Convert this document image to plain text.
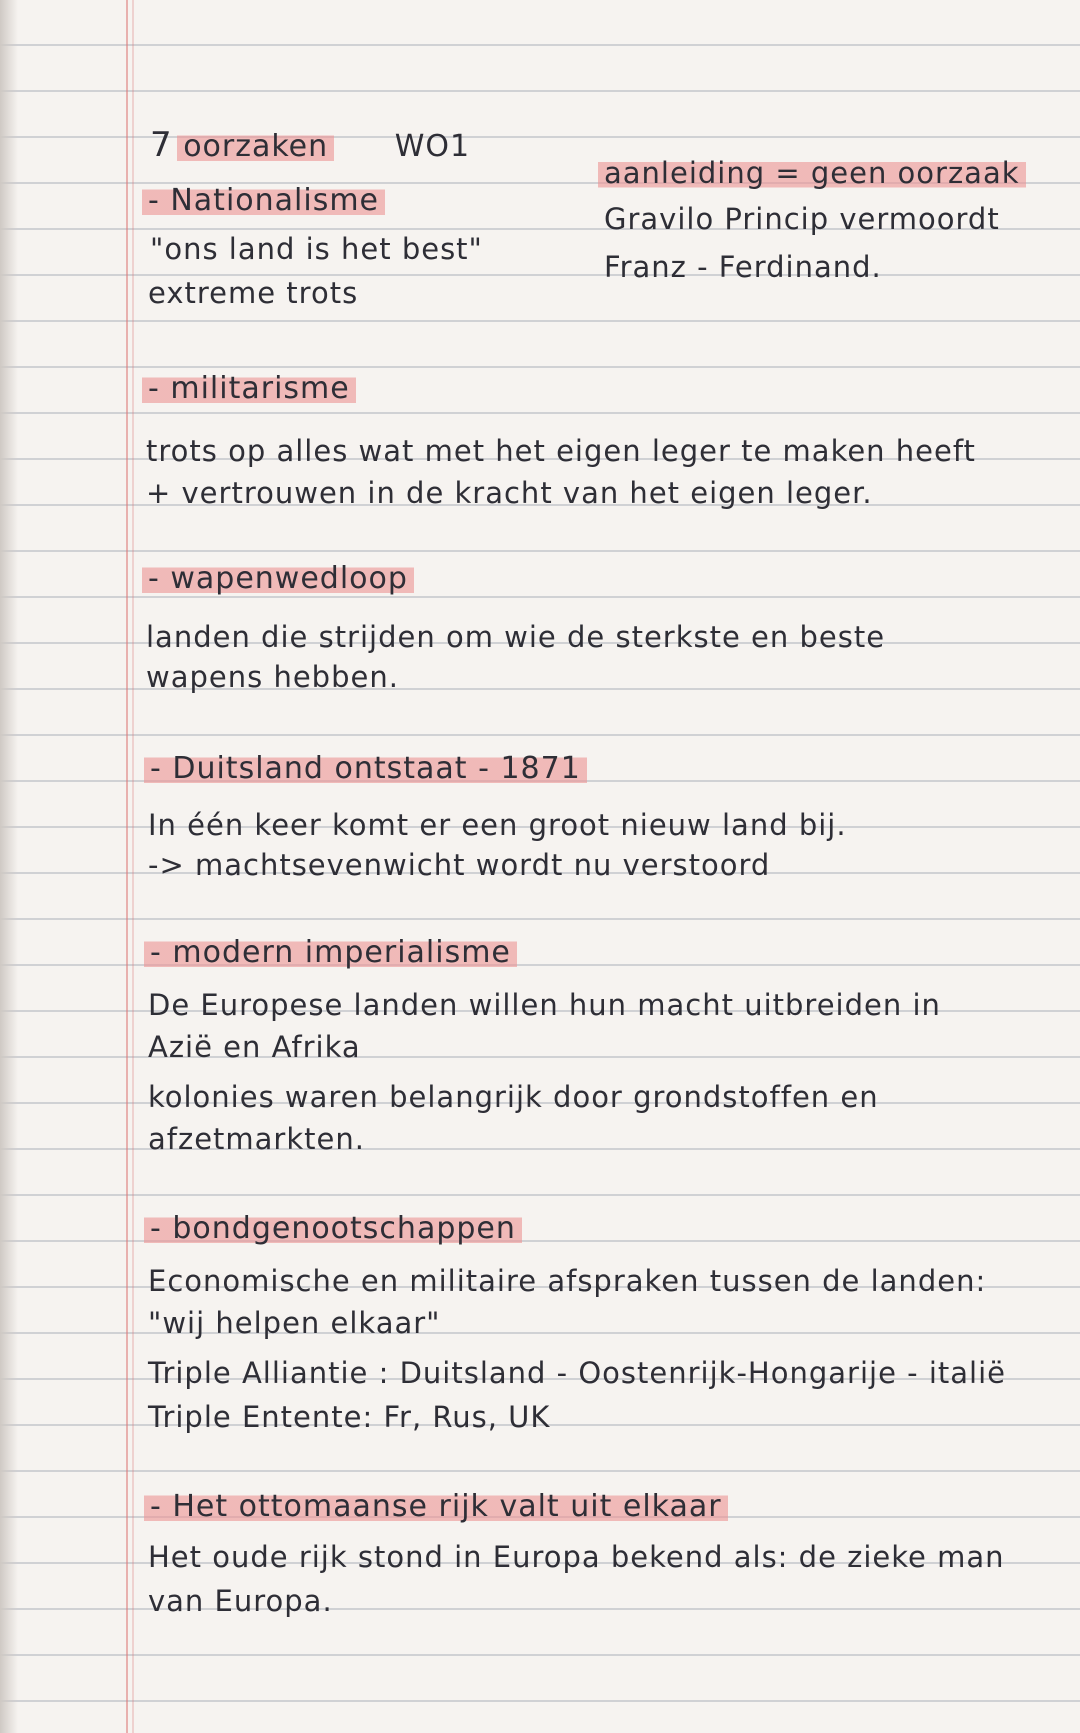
7 oorzaken WO1
aanleiding = geen oorzaak
Gravilo Princip vermoordt
Franz - Ferdinand.
- Nationalisme
"ons land is het best"
extreme trots
- militarisme
trots op alles wat met het eigen leger te maken heeft
+ vertrouwen in de kracht van het eigen leger.
- wapenwedloop
landen die strijden om wie de sterkste en beste
wapens hebben.
- Duitsland ontstaat - 1871
In één keer komt er een groot nieuw land bij.
-> machtsevenwicht wordt nu verstoord
- modern imperialisme
De Europese landen willen hun macht uitbreiden in
Azië en Afrika
kolonies waren belangrijk door grondstoffen en
afzetmarkten.
- bondgenootschappen
Economische en militaire afspraken tussen de landen:
"wij helpen elkaar"
Triple Alliantie : Duitsland - Oostenrijk-Hongarije - italië
Triple Entente: Fr, Rus, UK
- Het ottomaanse rijk valt uit elkaar
Het oude rijk stond in Europa bekend als: de zieke man
van Europa.
